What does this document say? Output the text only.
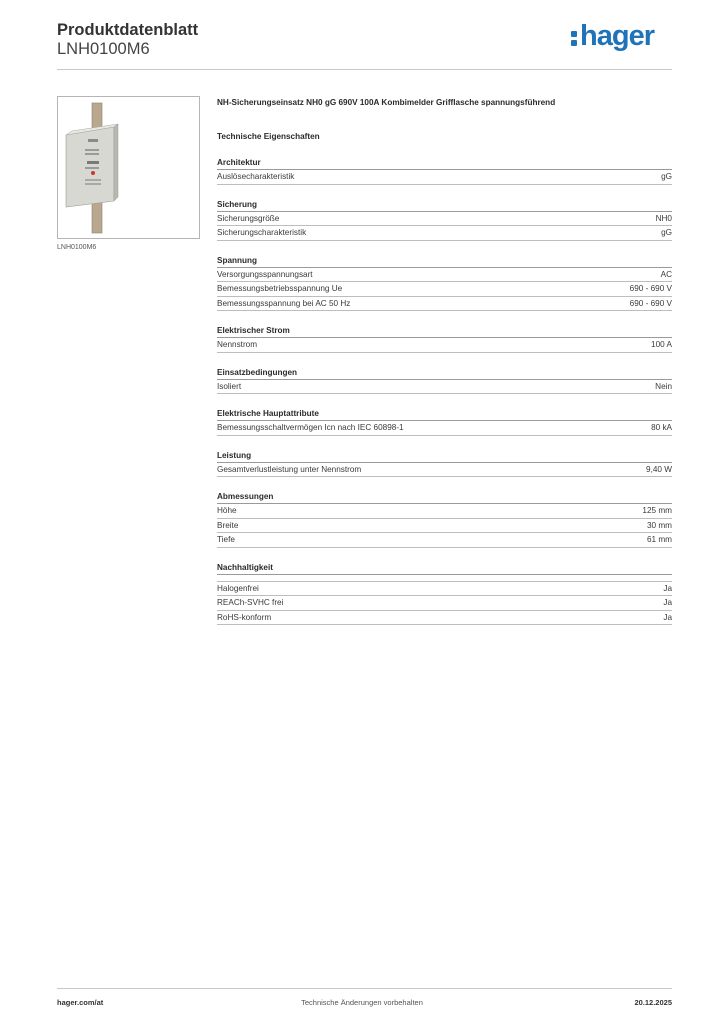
Produktdatenblatt
LNH0100M6	hager
LNH0100M6
NH-Sicherungseinsatz NH0 gG 690V 100A Kombimelder Grifflasche spannungsführend
Technische Eigenschaften
Architektur
Auslösecharakteristik	gG
Sicherung
Sicherungsgröße	NH0
Sicherungscharakteristik	gG
Spannung
Versorgungsspannungsart	AC
Bemessungsbetriebsspannung Ue	690 - 690 V
Bemessungsspannung bei AC 50 Hz	690 - 690 V
Elektrischer Strom
Nennstrom	100 A
Einsatzbedingungen
Isoliert	Nein
Elektrische Hauptattribute
Bemessungsschaltvermögen Icn nach IEC 60898-1	80 kA
Leistung
Gesamtverlustleistung unter Nennstrom	9,40 W
Abmessungen
Höhe	125 mm
Breite	30 mm
Tiefe	61 mm
Nachhaltigkeit
Halogenfrei	Ja
REACh-SVHC frei	Ja
RoHS-konform	Ja
hager.com/at	Technische Änderungen vorbehalten	20.12.2025
